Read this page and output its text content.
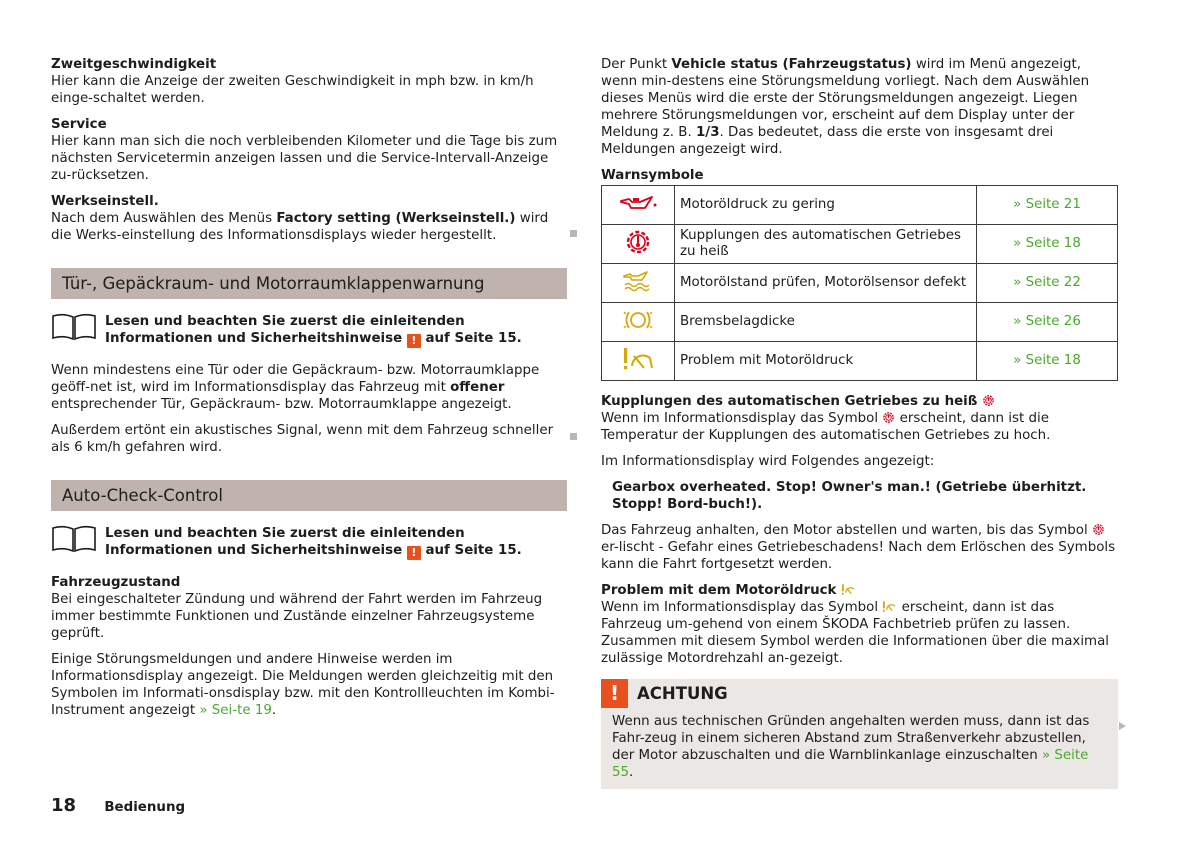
Zweitgeschwindigkeit

Hier kann die Anzeige der zweiten Geschwindigkeit in mph bzw. in km/h einge-schaltet werden.

Service

Hier kann man sich die noch verbleibenden Kilometer und die Tage bis zum nächsten Servicetermin anzeigen lassen und die Service-Intervall-Anzeige zu-rücksetzen.

Werkseinstell.

Nach dem Auswählen des Menüs Factory setting (Werkseinstell.) wird die Werks-einstellung des Informationsdisplays wieder hergestellt.

Tür-, Gepäckraum- und Motorraumklappenwarnung

Lesen und beachten Sie zuerst die einleitenden Informationen und Sicherheitshinweise ! auf Seite 15.

Wenn mindestens eine Tür oder die Gepäckraum- bzw. Motorraumklappe geöff-net ist, wird im Informationsdisplay das Fahrzeug mit offener entsprechender Tür, Gepäckraum- bzw. Motorraumklappe angezeigt.

Außerdem ertönt ein akustisches Signal, wenn mit dem Fahrzeug schneller als 6 km/h gefahren wird.

Auto-Check-Control

Lesen und beachten Sie zuerst die einleitenden Informationen und Sicherheitshinweise ! auf Seite 15.

Fahrzeugzustand

Bei eingeschalteter Zündung und während der Fahrt werden im Fahrzeug immer bestimmte Funktionen und Zustände einzelner Fahrzeugsysteme geprüft.

Einige Störungsmeldungen und andere Hinweise werden im Informationsdisplay angezeigt. Die Meldungen werden gleichzeitig mit den Symbolen im Informati-onsdisplay bzw. mit den Kontrollleuchten im Kombi-Instrument angezeigt » Sei-te 19.

Der Punkt Vehicle status (Fahrzeugstatus) wird im Menü angezeigt, wenn min-destens eine Störungsmeldung vorliegt. Nach dem Auswählen dieses Menüs wird die erste der Störungsmeldungen angezeigt. Liegen mehrere Störungsmeldungen vor, erscheint auf dem Display unter der Meldung z. B. 1/3. Das bedeutet, dass die erste von insgesamt drei Meldungen angezeigt wird.

Warnsymbole

	Motoröldruck zu gering	» Seite 21
	Kupplungen des automatischen Getriebes zu heiß	» Seite 18
	Motorölstand prüfen, Motorölsensor defekt	» Seite 22
	Bremsbelagdicke	» Seite 26
	Problem mit Motoröldruck	» Seite 18

Kupplungen des automatischen Getriebes zu heiß

Wenn im Informationsdisplay das Symbol  erscheint, dann ist die Temperatur der Kupplungen des automatischen Getriebes zu hoch.

Im Informationsdisplay wird Folgendes angezeigt:

Gearbox overheated. Stop! Owner's man.! (Getriebe überhitzt. Stopp! Bord-buch!).

Das Fahrzeug anhalten, den Motor abstellen und warten, bis das Symbol  er-lischt - Gefahr eines Getriebeschadens! Nach dem Erlöschen des Symbols kann die Fahrt fortgesetzt werden.

Problem mit dem Motoröldruck

Wenn im Informationsdisplay das Symbol  erscheint, dann ist das Fahrzeug um-gehend von einem ŠKODA Fachbetrieb prüfen zu lassen. Zusammen mit diesem Symbol werden die Informationen über die maximal zulässige Motordrehzahl an-gezeigt.

!	ACHTUNG

Wenn aus technischen Gründen angehalten werden muss, dann ist das Fahr-zeug in einem sicheren Abstand zum Straßenverkehr abzustellen, der Motor abzuschalten und die Warnblinkanlage einzuschalten » Seite 55.

18 Bedienung
